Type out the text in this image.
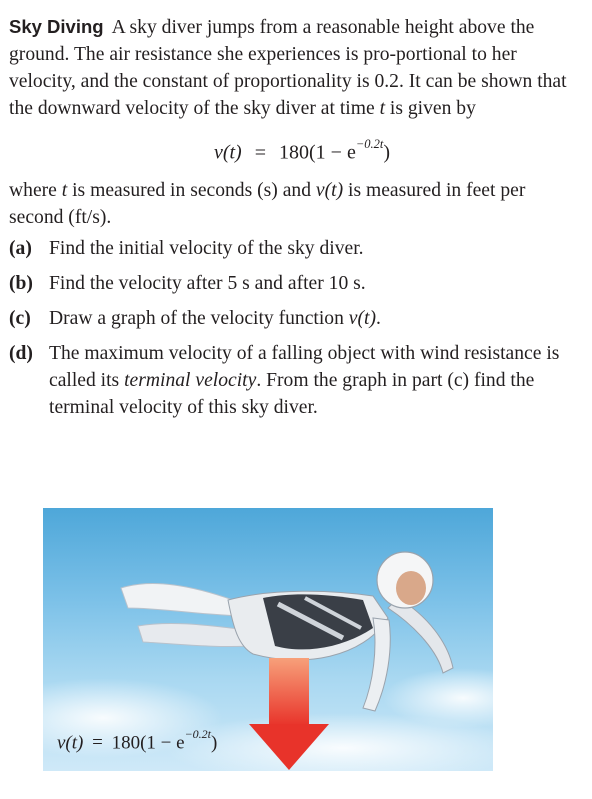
Sky Diving A sky diver jumps from a reasonable height above the ground. The air resistance she experiences is pro-portional to her velocity, and the constant of proportionality is 0.2. It can be shown that the downward velocity of the sky diver at time t is given by
$v(t) = 180(1 - e^{-0.2t})$
where t is measured in seconds (s) and v(t) is measured in feet per second (ft/s).
(a) Find the initial velocity of the sky diver.
(b) Find the velocity after 5 s and after 10 s.
(c) Draw a graph of the velocity function v(t).
(d) The maximum velocity of a falling object with wind resistance is called its terminal velocity. From the graph in part (c) find the terminal velocity of this sky diver.
$v(t) = 180(1 - e^{-0.2t})$
